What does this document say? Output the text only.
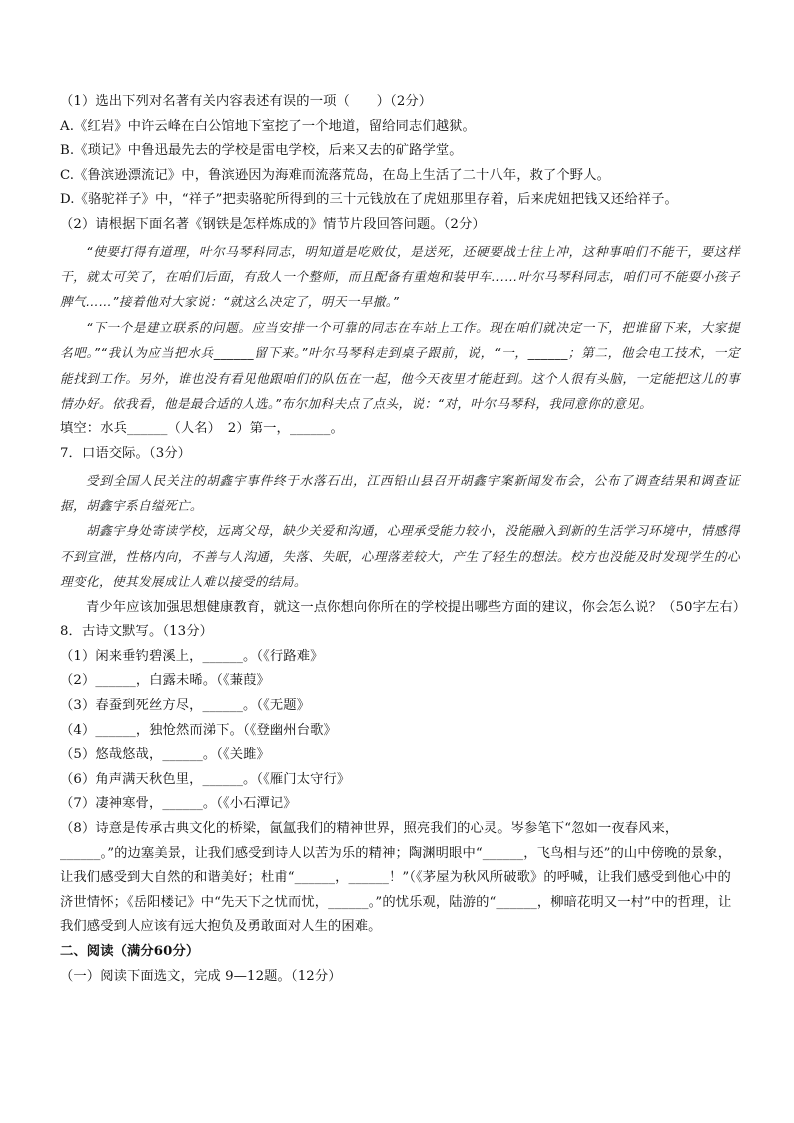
（1）选出下列对名著有关内容表述有误的一项（　　）（2分）
A.《红岩》中许云峰在白公馆地下室挖了一个地道，留给同志们越狱。
B.《琐记》中鲁迅最先去的学校是雷电学校，后来又去的矿路学堂。
C.《鲁滨逊漂流记》中，鲁滨逊因为海难而流落荒岛，在岛上生活了二十八年，救了个野人。
D.《骆驼祥子》中，“祥子”把卖骆驼所得到的三十元钱放在了虎妞那里存着，后来虎妞把钱又还给祥子。
（2）请根据下面名著《钢铁是怎样炼成的》情节片段回答问题。（2分）

“使要打得有道理，叶尔马琴科同志，明知道是吃败仗，是送死，还硬要战士往上冲，这种事咱们不能干，要这样干，就太可笑了，在咱们后面，有敌人一个整师，而且配备有重炮和装甲车……叶尔马琴科同志，咱们可不能耍小孩子脾气……”接着他对大家说：“就这么决定了，明天一早撤。”

“下一个是建立联系的问题。应当安排一个可靠的同志在车站上工作。现在咱们就决定一下，把谁留下来，大家提名吧。”“我认为应当把水兵______留下来。”叶尔马琴科走到桌子跟前，说，“一，______；第二，他会电工技术，一定能找到工作。另外，谁也没有看见他跟咱们的队伍在一起，他今天夜里才能赶到。这个人很有头脑，一定能把这儿的事情办好。依我看，他是最合适的人选。”布尔加科夫点了点头，说：“对，叶尔马琴科，我同意你的意见。

填空：水兵______（人名）　2）第一，______。
7．口语交际。（3分）

受到全国人民关注的胡鑫宇事件终于水落石出，江西铅山县召开胡鑫宇案新闻发布会，公布了调查结果和调查证据，胡鑫宇系自缢死亡。

胡鑫宇身处寄读学校，远离父母，缺少关爱和沟通，心理承受能力较小，没能融入到新的生活学习环境中，情感得不到宣泄，性格内向，不善与人沟通，失落、失眠，心理落差较大，产生了轻生的想法。校方也没能及时发现学生的心理变化，使其发展成让人难以接受的结局。

青少年应该加强思想健康教育，就这一点你想向你所在的学校提出哪些方面的建议，你会怎么说？（50字左右）
8．古诗文默写。（13分）
（1）闲来垂钓碧溪上，______。（《行路难》
（2）______，白露未晞。（《蒹葭》
（3）春蚕到死丝方尽，______。（《无题》
（4）______，独怆然而涕下。（《登幽州台歌》
（5）悠哉悠哉，______。（《关雎》
（6）角声满天秋色里，______。（《雁门太守行》
（7）凄神寒骨，______。（《小石潭记》
（8）诗意是传承古典文化的桥梁，氤氲我们的精神世界，照亮我们的心灵。岑参笔下“忽如一夜春风来，______。”的边塞美景，让我们感受到诗人以苦为乐的精神；陶渊明眼中“______，飞鸟相与还”的山中傍晚的景象，让我们感受到大自然的和谐美好；杜甫“______，______！”（《茅屋为秋风所破歌》的呼喊，让我们感受到他心中的济世情怀；《岳阳楼记》中“先天下之忧而忧，______。”的忧乐观，陆游的“______，柳暗花明又一村”中的哲理，让我们感受到人应该有远大抱负及勇敢面对人生的困难。
二、阅读（满分60分）
（一）阅读下面选文，完成 9—12题。（12分）
